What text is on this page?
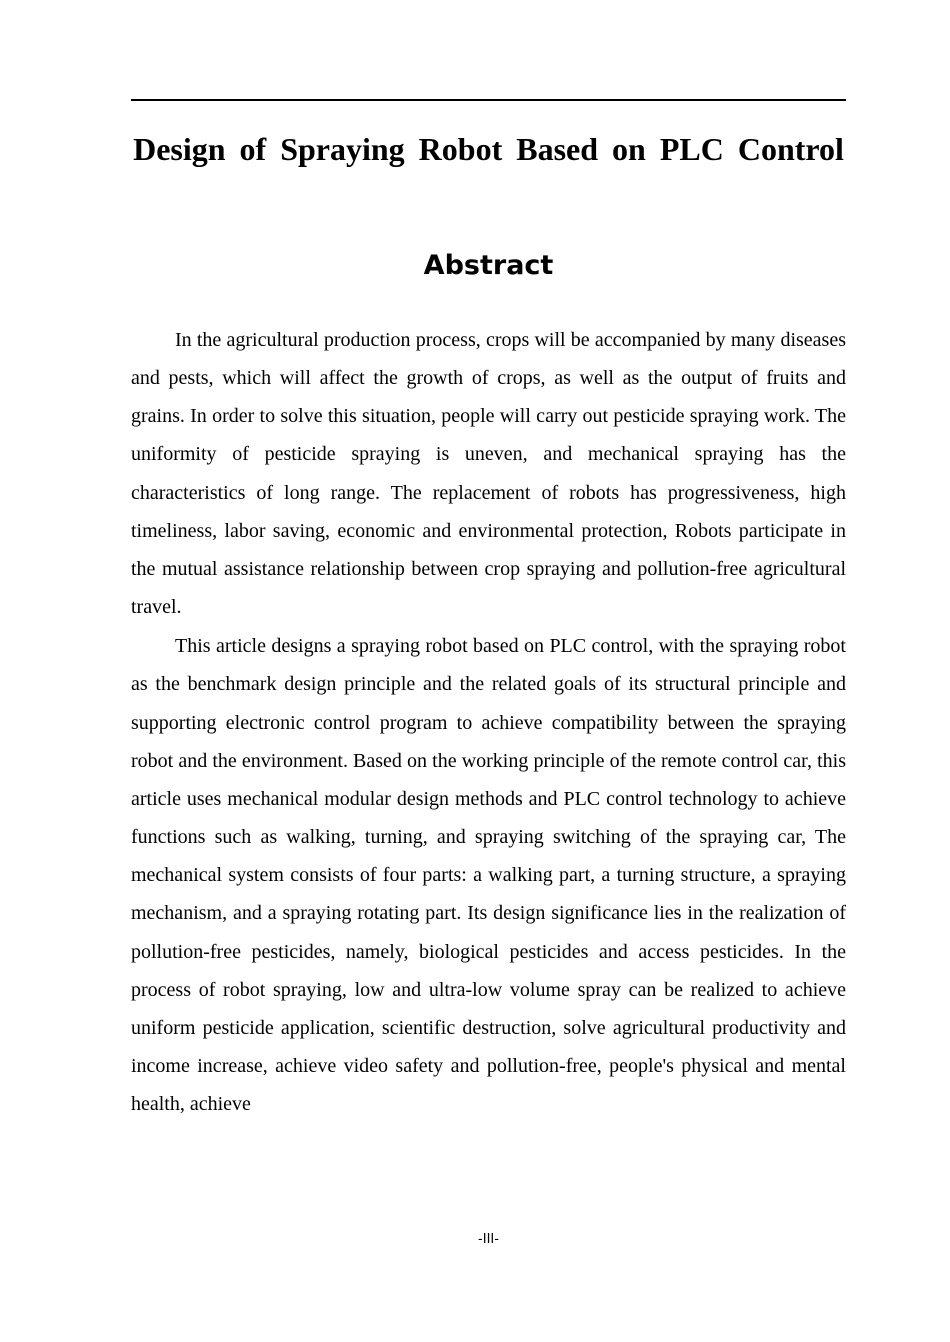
Design of Spraying Robot Based on PLC Control
Abstract

In the agricultural production process, crops will be accompanied by many diseases and pests, which will affect the growth of crops, as well as the output of fruits and grains. In order to solve this situation, people will carry out pesticide spraying work. The uniformity of pesticide spraying is uneven, and mechanical spraying has the characteristics of long range. The replacement of robots has progressiveness, high timeliness, labor saving, economic and environmental protection, Robots participate in the mutual assistance relationship between crop spraying and pollution-free agricultural travel.

This article designs a spraying robot based on PLC control, with the spraying robot as the benchmark design principle and the related goals of its structural principle and supporting electronic control program to achieve compatibility between the spraying robot and the environment. Based on the working principle of the remote control car, this article uses mechanical modular design methods and PLC control technology to achieve functions such as walking, turning, and spraying switching of the spraying car, The mechanical system consists of four parts: a walking part, a turning structure, a spraying mechanism, and a spraying rotating part. Its design significance lies in the realization of pollution-free pesticides, namely, biological pesticides and access pesticides. In the process of robot spraying, low and ultra-low volume spray can be realized to achieve uniform pesticide application, scientific destruction, solve agricultural productivity and income increase, achieve video safety and pollution-free, people's physical and mental health, achieve

-III-
